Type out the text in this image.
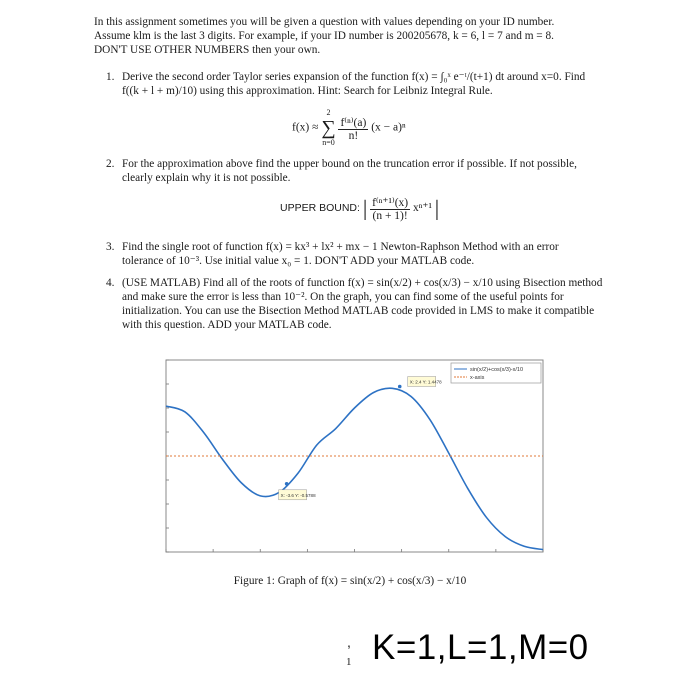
In this assignment sometimes you will be given a question with values depending on your ID number.
Assume klm is the last 3 digits. For example, if your ID number is 200205678, k = 6, l = 7 and m = 8.
DON'T USE OTHER NUMBERS then your own.
1. Derive the second order Taylor series expansion of the function f(x) = ∫₀ˣ e⁻ᵗ/(t+1) dt around x=0. Find
f((k + l + m)/10) using this approximation. Hint: Search for Leibniz Integral Rule.
f(x) ≈
2
∑
n=0

$\frac{\text{f⁽ⁿ⁾(a)}}{n!} (x - a)^n$
2. For the approximation above find the upper bound on the truncation error if possible. If not possible,
clearly explain why it is not possible.
UPPER BOUND: | $\frac{\text{f⁽ⁿ⁺¹⁾(x)}}{(n + 1)!} x^{n+1}$ |
3. Find the single root of function f(x) = kx³ + lx² + mx − 1 Newton-Raphson Method with an error
tolerance of 10⁻³. Use initial value x₀ = 1. DON'T ADD your MATLAB code.
4. (USE MATLAB) Find all of the roots of function f(x) = sin(x/2) + cos(x/3) − x/10 using Bisection method
and make sure the error is less than 10⁻². On the graph, you can find some of the useful points for
initialization. You can use the Bisection Method MATLAB code provided in LMS to make it compatible
with this question. ADD your MATLAB code.
sin(x/2)+cos(x/3)-x/10
x-axis
X: 2.4 Y: 1.4478
X: -3.6 Y: -0.5788
Figure 1: Graph of f(x) = sin(x/2) + cos(x/3) − x/10
,
1 K=1,L=1,M=0
